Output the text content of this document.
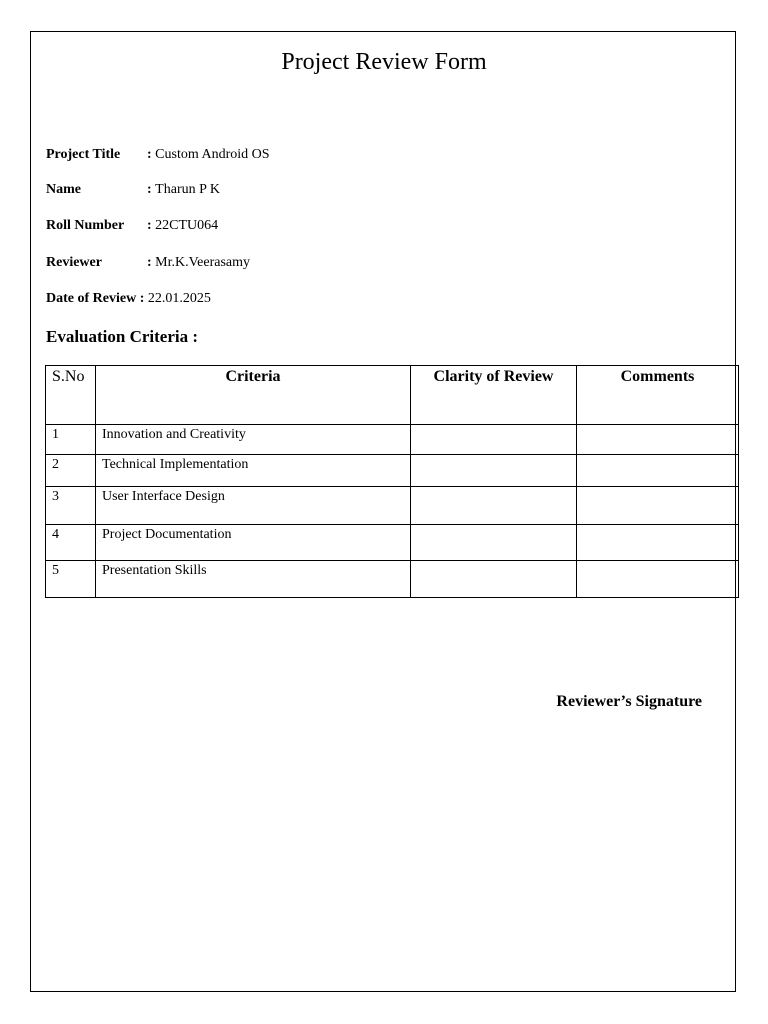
Project Review Form
Project Title : Custom Android OS
Name	: Tharun P K
Roll Number : 22CTU064
Reviewer	: Mr.K.Veerasamy
Date of Review : 22.01.2025
Evaluation Criteria :
S.No	Criteria	Clarity of Review	Comments
1	Innovation and Creativity		
2	Technical Implementation		
3	User Interface Design		
4	Project Documentation		
5	Presentation Skills		
Reviewer’s Signature
